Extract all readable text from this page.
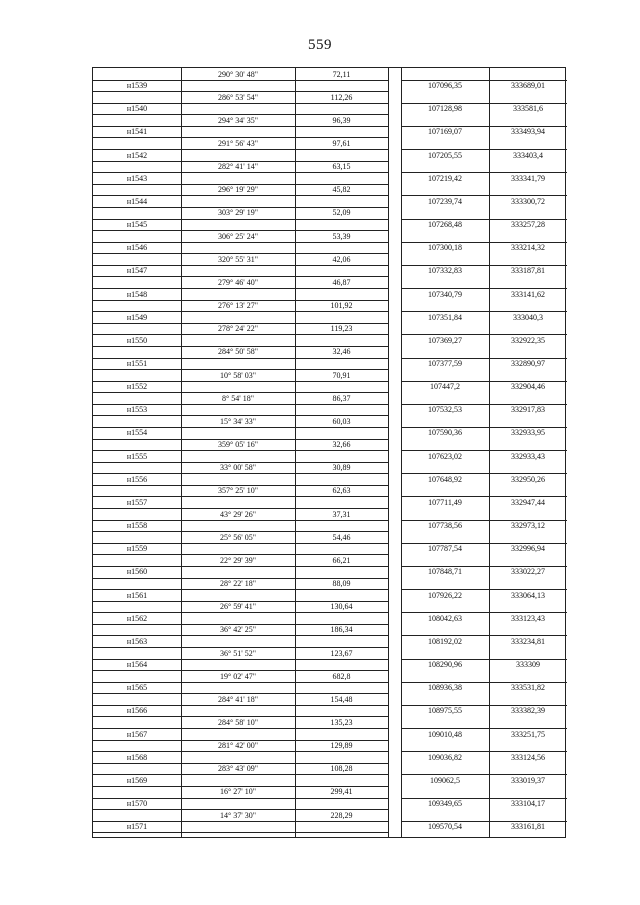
559
290° 30' 48"	72,11
н1539	107096,35	333689,01
286° 53' 54"	112,26
н1540	107128,98	333581,6
294° 34' 35"	96,39
н1541	107169,07	333493,94
291° 56' 43"	97,61
н1542	107205,55	333403,4
282° 41' 14"	63,15
н1543	107219,42	333341,79
296° 19' 29"	45,82
н1544	107239,74	333300,72
303° 29' 19"	52,09
н1545	107268,48	333257,28
306° 25' 24"	53,39
н1546	107300,18	333214,32
320° 55' 31"	42,06
н1547	107332,83	333187,81
279° 46' 40"	46,87
н1548	107340,79	333141,62
276° 13' 27"	101,92
н1549	107351,84	333040,3
278° 24' 22"	119,23
н1550	107369,27	332922,35
284° 50' 58"	32,46
н1551	107377,59	332890,97
10° 58' 03"	70,91
н1552	107447,2	332904,46
8° 54' 18"	86,37
н1553	107532,53	332917,83
15° 34' 33"	60,03
н1554	107590,36	332933,95
359° 05' 16"	32,66
н1555	107623,02	332933,43
33° 00' 58"	30,89
н1556	107648,92	332950,26
357° 25' 10"	62,63
н1557	107711,49	332947,44
43° 29' 26"	37,31
н1558	107738,56	332973,12
25° 56' 05"	54,46
н1559	107787,54	332996,94
22° 29' 39"	66,21
н1560	107848,71	333022,27
28° 22' 18"	88,09
н1561	107926,22	333064,13
26° 59' 41"	130,64
н1562	108042,63	333123,43
36° 42' 25"	186,34
н1563	108192,02	333234,81
36° 51' 52"	123,67
н1564	108290,96	333309
19° 02' 47"	682,8
н1565	108936,38	333531,82
284° 41' 18"	154,48
н1566	108975,55	333382,39
284° 58' 10"	135,23
н1567	109010,48	333251,75
281° 42' 00"	129,89
н1568	109036,82	333124,56
283° 43' 09"	108,28
н1569	109062,5	333019,37
16° 27' 10"	299,41
н1570	109349,65	333104,17
14° 37' 30"	228,29
н1571	109570,54	333161,81
